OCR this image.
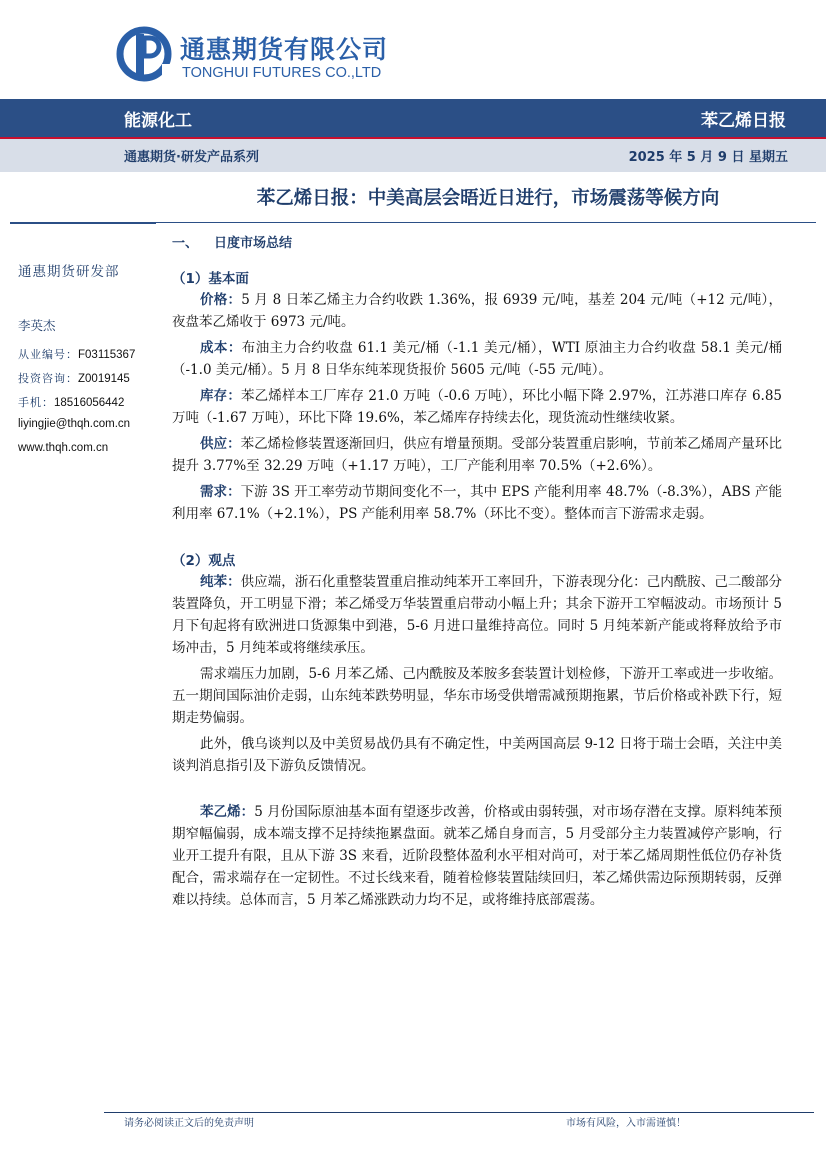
通惠期货有限公司
TONGHUI FUTURES CO.,LTD
能源化工	苯乙烯日报
通惠期货·研发产品系列	2025 年 5 月 9 日 星期五
苯乙烯日报：中美高层会晤近日进行，市场震荡等候方向
通惠期货研发部
李英杰
从业编号：F03115367
投资咨询：Z0019145
手机：18516056442
liyingjie@thqh.com.cn
www.thqh.com.cn
一、 日度市场总结
（1）基本面

价格：5 月 8 日苯乙烯主力合约收跌 1.36%，报 6939 元/吨，基差 204 元/吨（+12 元/吨），夜盘苯乙烯收于 6973 元/吨。

成本：布油主力合约收盘 61.1 美元/桶（-1.1 美元/桶），WTI 原油主力合约收盘 58.1 美元/桶（-1.0 美元/桶）。5 月 8 日华东纯苯现货报价 5605 元/吨（-55 元/吨）。

库存：苯乙烯样本工厂库存 21.0 万吨（-0.6 万吨），环比小幅下降 2.97%，江苏港口库存 6.85 万吨（-1.67 万吨），环比下降 19.6%，苯乙烯库存持续去化，现货流动性继续收紧。

供应：苯乙烯检修装置逐渐回归，供应有增量预期。受部分装置重启影响，节前苯乙烯周产量环比提升 3.77%至 32.29 万吨（+1.17 万吨），工厂产能利用率 70.5%（+2.6%）。

需求：下游 3S 开工率劳动节期间变化不一，其中 EPS 产能利用率 48.7%（-8.3%），ABS 产能利用率 67.1%（+2.1%），PS 产能利用率 58.7%（环比不变）。整体而言下游需求走弱。

（2）观点

纯苯：供应端，浙石化重整装置重启推动纯苯开工率回升，下游表现分化：己内酰胺、己二酸部分装置降负，开工明显下滑；苯乙烯受万华装置重启带动小幅上升；其余下游开工窄幅波动。市场预计 5 月下旬起将有欧洲进口货源集中到港，5-6 月进口量维持高位。同时 5 月纯苯新产能或将释放给予市场冲击，5 月纯苯或将继续承压。

需求端压力加剧，5-6 月苯乙烯、己内酰胺及苯胺多套装置计划检修，下游开工率或进一步收缩。五一期间国际油价走弱，山东纯苯跌势明显，华东市场受供增需减预期拖累，节后价格或补跌下行，短期走势偏弱。

此外，俄乌谈判以及中美贸易战仍具有不确定性，中美两国高层 9-12 日将于瑞士会晤，关注中美谈判消息指引及下游负反馈情况。

苯乙烯：5 月份国际原油基本面有望逐步改善，价格或由弱转强，对市场存潜在支撑。原料纯苯预期窄幅偏弱，成本端支撑不足持续拖累盘面。就苯乙烯自身而言，5 月受部分主力装置减停产影响，行业开工提升有限，且从下游 3S 来看，近阶段整体盈利水平相对尚可，对于苯乙烯周期性低位仍存补货配合，需求端存在一定韧性。不过长线来看，随着检修装置陆续回归，苯乙烯供需边际预期转弱，反弹难以持续。总体而言，5 月苯乙烯涨跌动力均不足，或将维持底部震荡。

请务必阅读正文后的免责声明	市场有风险，入市需谨慎！
